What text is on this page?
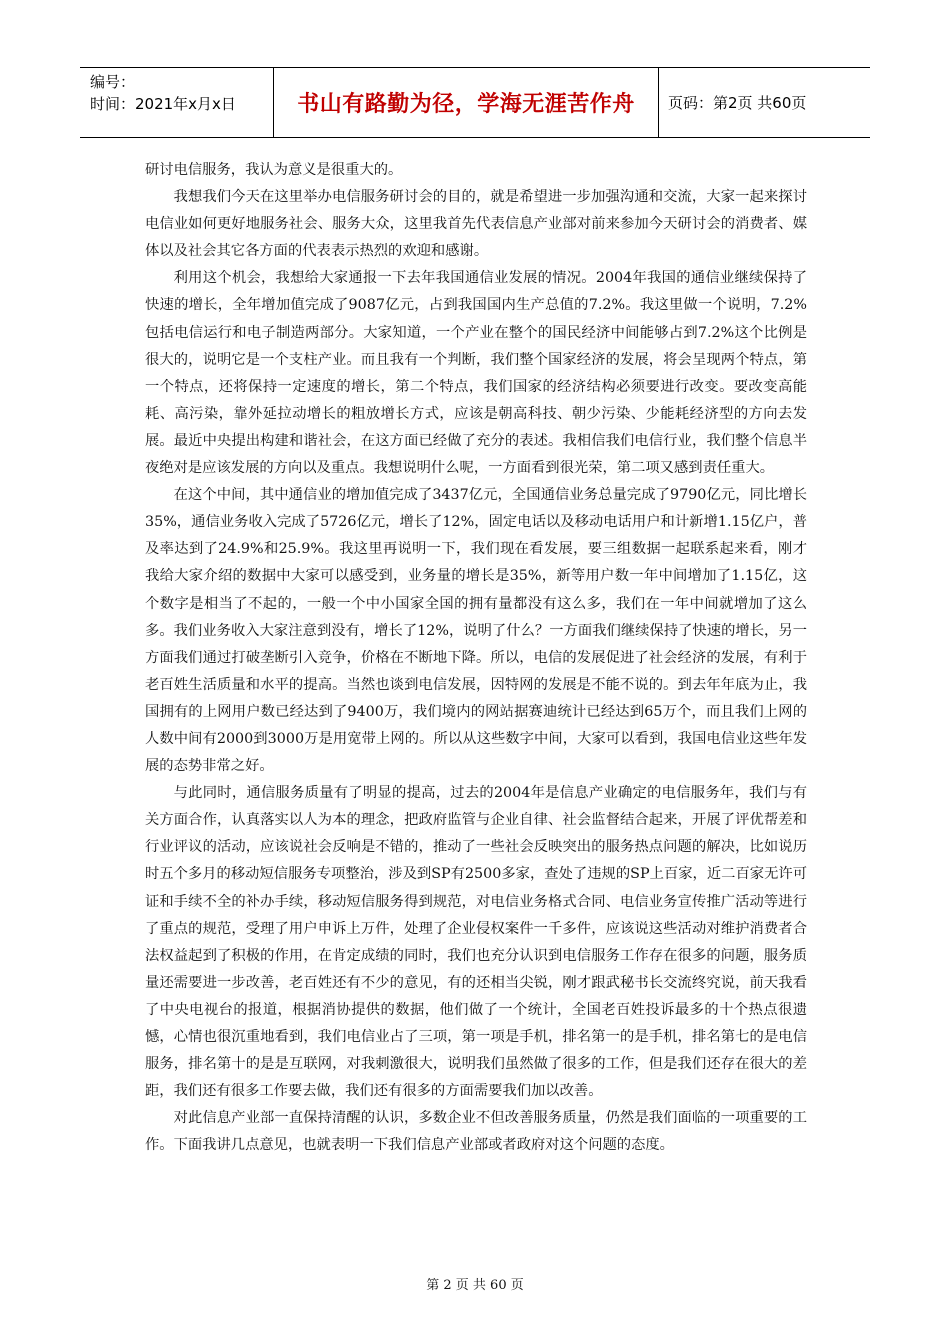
编号：
时间：2021年x月x日	书山有路勤为径，学海无涯苦作舟	页码：第2页 共60页

研讨电信服务，我认为意义是很重大的。

我想我们今天在这里举办电信服务研讨会的目的，就是希望进一步加强沟通和交流，大家一起来探讨电信业如何更好地服务社会、服务大众，这里我首先代表信息产业部对前来参加今天研讨会的消费者、媒体以及社会其它各方面的代表表示热烈的欢迎和感谢。

利用这个机会，我想给大家通报一下去年我国通信业发展的情况。2004年我国的通信业继续保持了快速的增长，全年增加值完成了9087亿元，占到我国国内生产总值的7.2%。我这里做一个说明，7.2%包括电信运行和电子制造两部分。大家知道，一个产业在整个的国民经济中间能够占到7.2%这个比例是很大的，说明它是一个支柱产业。而且我有一个判断，我们整个国家经济的发展，将会呈现两个特点，第一个特点，还将保持一定速度的增长，第二个特点，我们国家的经济结构必须要进行改变。要改变高能耗、高污染，靠外延拉动增长的粗放增长方式，应该是朝高科技、朝少污染、少能耗经济型的方向去发展。最近中央提出构建和谐社会，在这方面已经做了充分的表述。我相信我们电信行业，我们整个信息半夜绝对是应该发展的方向以及重点。我想说明什么呢，一方面看到很光荣，第二项又感到责任重大。

在这个中间，其中通信业的增加值完成了3437亿元，全国通信业务总量完成了9790亿元，同比增长35%，通信业务收入完成了5726亿元，增长了12%，固定电话以及移动电话用户和计新增1.15亿户，普及率达到了24.9%和25.9%。我这里再说明一下，我们现在看发展，要三组数据一起联系起来看，刚才我给大家介绍的数据中大家可以感受到，业务量的增长是35%，新等用户数一年中间增加了1.15亿，这个数字是相当了不起的，一般一个中小国家全国的拥有量都没有这么多，我们在一年中间就增加了这么多。我们业务收入大家注意到没有，增长了12%，说明了什么？一方面我们继续保持了快速的增长，另一方面我们通过打破垄断引入竞争，价格在不断地下降。所以，电信的发展促进了社会经济的发展，有利于老百姓生活质量和水平的提高。当然也谈到电信发展，因特网的发展是不能不说的。到去年年底为止，我国拥有的上网用户数已经达到了9400万，我们境内的网站据赛迪统计已经达到65万个，而且我们上网的人数中间有2000到3000万是用宽带上网的。所以从这些数字中间，大家可以看到，我国电信业这些年发展的态势非常之好。

与此同时，通信服务质量有了明显的提高，过去的2004年是信息产业确定的电信服务年，我们与有关方面合作，认真落实以人为本的理念，把政府监管与企业自律、社会监督结合起来，开展了评优帮差和行业评议的活动，应该说社会反响是不错的，推动了一些社会反映突出的服务热点问题的解决，比如说历时五个多月的移动短信服务专项整治，涉及到SP有2500多家，查处了违规的SP上百家，近二百家无许可证和手续不全的补办手续，移动短信服务得到规范，对电信业务格式合同、电信业务宣传推广活动等进行了重点的规范，受理了用户申诉上万件，处理了企业侵权案件一千多件，应该说这些活动对维护消费者合法权益起到了积极的作用，在肯定成绩的同时，我们也充分认识到电信服务工作存在很多的问题，服务质量还需要进一步改善，老百姓还有不少的意见，有的还相当尖锐，刚才跟武秘书长交流终究说，前天我看了中央电视台的报道，根据消协提供的数据，他们做了一个统计，全国老百姓投诉最多的十个热点很遗憾，心情也很沉重地看到，我们电信业占了三项，第一项是手机，排名第一的是手机，排名第七的是电信服务，排名第十的是是互联网，对我刺激很大，说明我们虽然做了很多的工作，但是我们还存在很大的差距，我们还有很多工作要去做，我们还有很多的方面需要我们加以改善。

对此信息产业部一直保持清醒的认识，多数企业不但改善服务质量，仍然是我们面临的一项重要的工作。下面我讲几点意见，也就表明一下我们信息产业部或者政府对这个问题的态度。

第 2 页 共 60 页
